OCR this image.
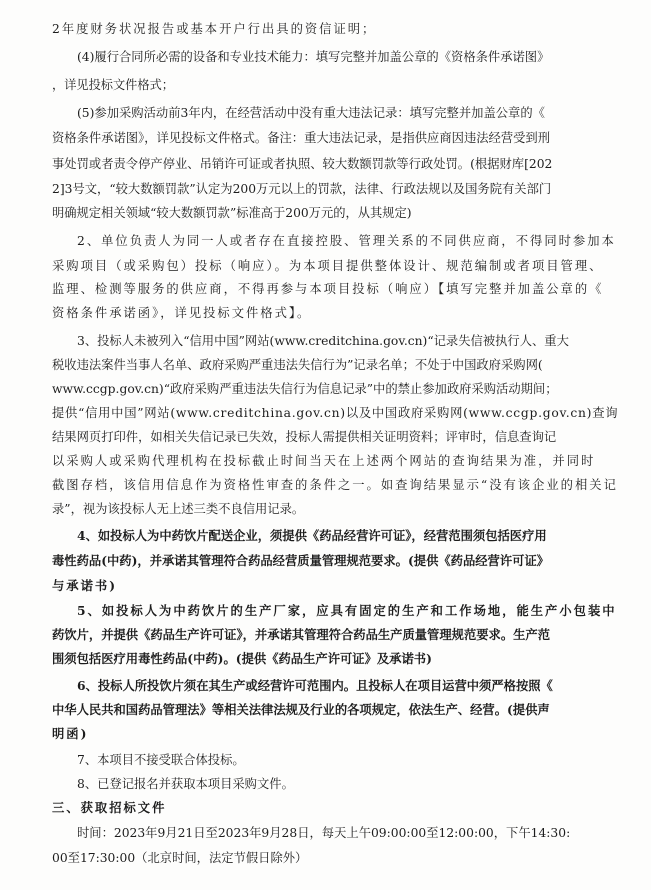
2年度财务状况报告或基本开户行出具的资信证明；

(4)履行合同所必需的设备和专业技术能力：填写完整并加盖公章的《资格条件承诺图》

，详见投标文件格式；

(5)参加采购活动前3年内，在经营活动中没有重大违法记录：填写完整并加盖公章的《

资格条件承诺图》，详见投标文件格式。备注：重大违法记录，是指供应商因违法经营受到刑

事处罚或者责令停产停业、吊销许可证或者执照、较大数额罚款等行政处罚。(根据财库[202

2]3号文，“较大数额罚款”认定为200万元以上的罚款，法律、行政法规以及国务院有关部门

明确规定相关领域“较大数额罚款”标准高于200万元的，从其规定)

2、单位负责人为同一人或者存在直接控股、管理关系的不同供应商，不得同时参加本

采购项目（或采购包）投标（响应）。为本项目提供整体设计、规范编制或者项目管理、

监理、检测等服务的供应商，不得再参与本项目投标（响应）【填写完整并加盖公章的《

资格条件承诺函》，详见投标文件格式】。

3、投标人未被列入“信用中国”网站(www.creditchina.gov.cn)“记录失信被执行人、重大

税收违法案件当事人名单、政府采购严重违法失信行为”记录名单；不处于中国政府采购网(

www.ccgp.gov.cn)“政府采购严重违法失信行为信息记录”中的禁止参加政府采购活动期间；

提供“信用中国”网站(www.creditchina.gov.cn)以及中国政府采购网(www.ccgp.gov.cn)查询

结果网页打印件，如相关失信记录已失效，投标人需提供相关证明资料；评审时，信息查询记

以采购人或采购代理机构在投标截止时间当天在上述两个网站的查询结果为准，并同时

截图存档，该信用信息作为资格性审查的条件之一。如查询结果显示“没有该企业的相关记

录”，视为该投标人无上述三类不良信用记录。

4、如投标人为中药饮片配送企业，须提供《药品经营许可证》，经营范围须包括医疗用

毒性药品(中药)，并承诺其管理符合药品经营质量管理规范要求。(提供《药品经营许可证》

与承诺书)

5、如投标人为中药饮片的生产厂家，应具有固定的生产和工作场地，能生产小包装中

药饮片，并提供《药品生产许可证》，并承诺其管理符合药品生产质量管理规范要求。生产范

围须包括医疗用毒性药品(中药)。(提供《药品生产许可证》及承诺书)

6、投标人所投饮片须在其生产或经营许可范围内。且投标人在项目运营中须严格按照《

中华人民共和国药品管理法》等相关法律法规及行业的各项规定，依法生产、经营。(提供声

明函)

7、本项目不接受联合体投标。

8、已登记报名并获取本项目采购文件。

三、获取招标文件

时间：2023年9月21日至2023年9月28日，每天上午09:00:00至12:00:00，下午14:30:

00至17:30:00（北京时间，法定节假日除外）
